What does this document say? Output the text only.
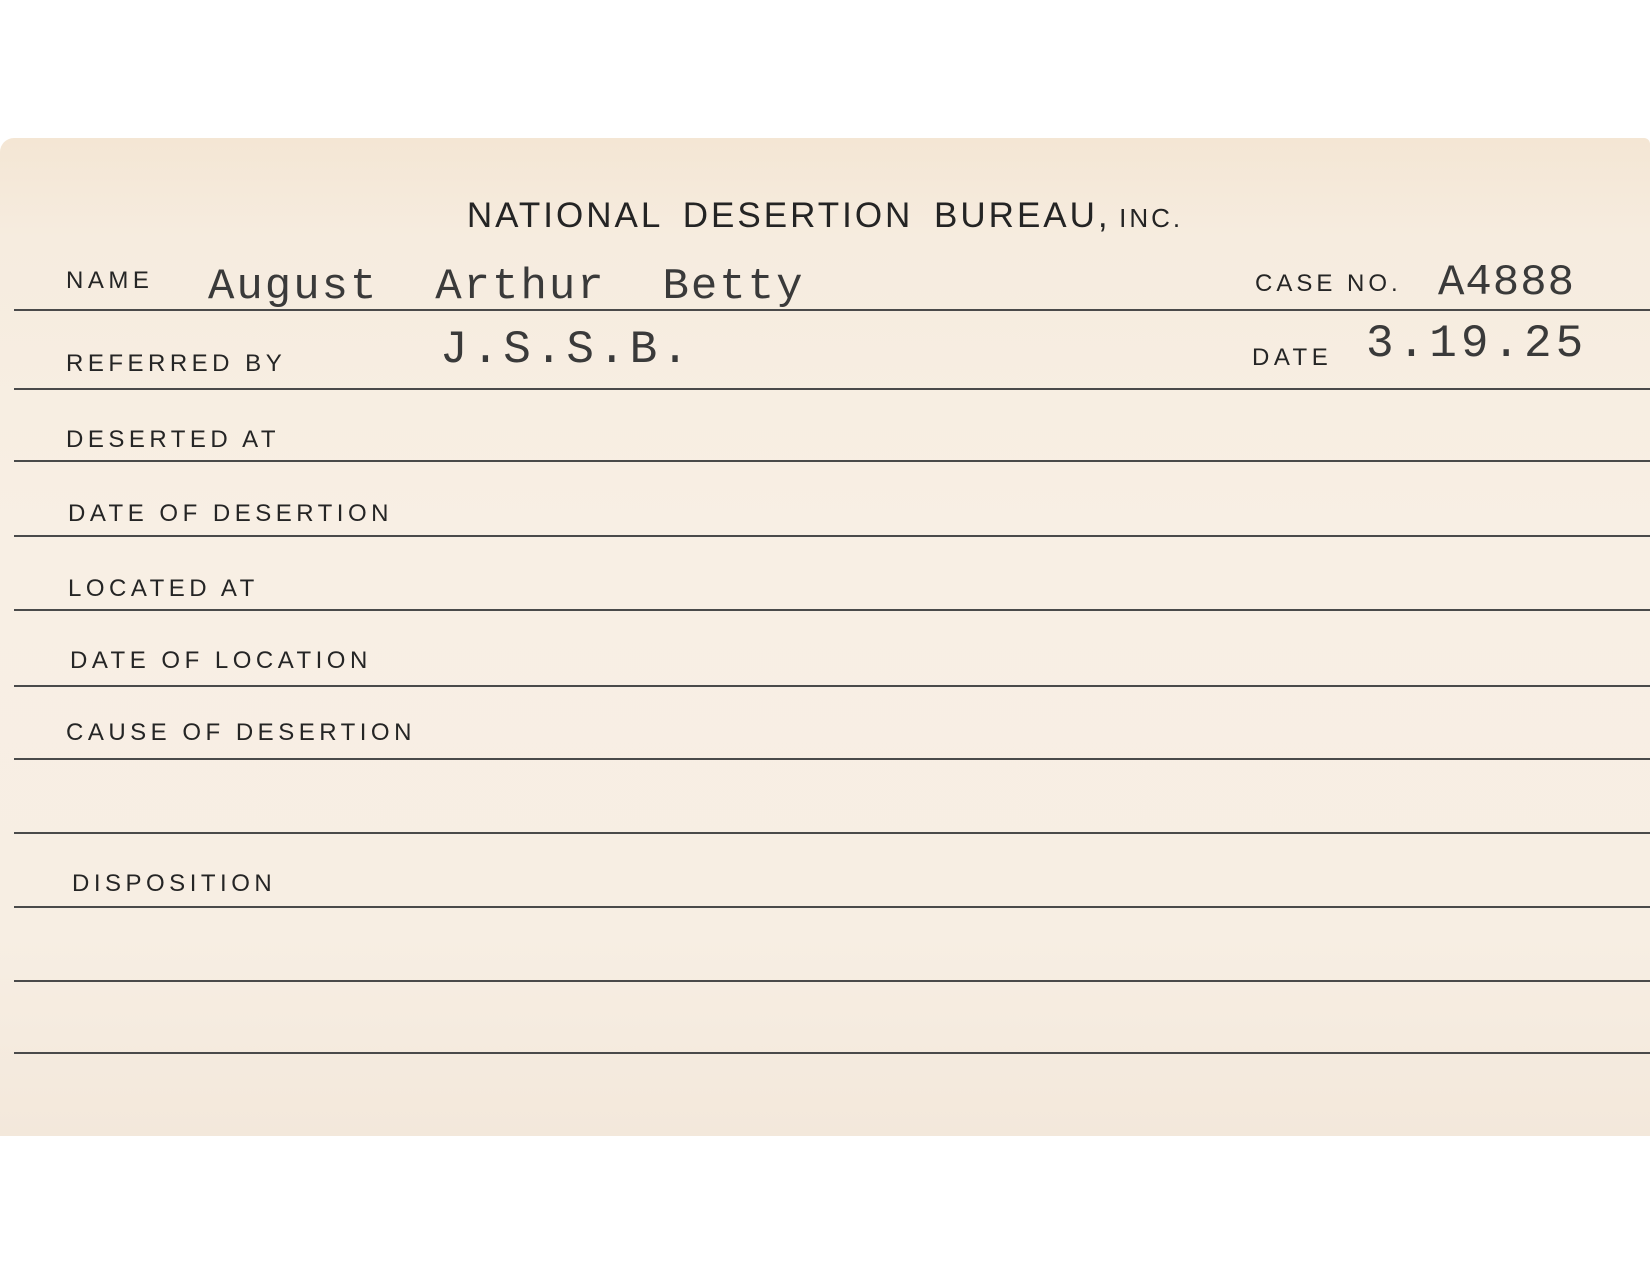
NATIONAL DESERTION BUREAU, INC.
NAME August  Arthur  Betty	CASE NO. A4888
REFERRED BY	J.S.S.B.	DATE 3.19.25
DESERTED AT
DATE OF DESERTION
LOCATED AT
DATE OF LOCATION
CAUSE OF DESERTION
DISPOSITION
